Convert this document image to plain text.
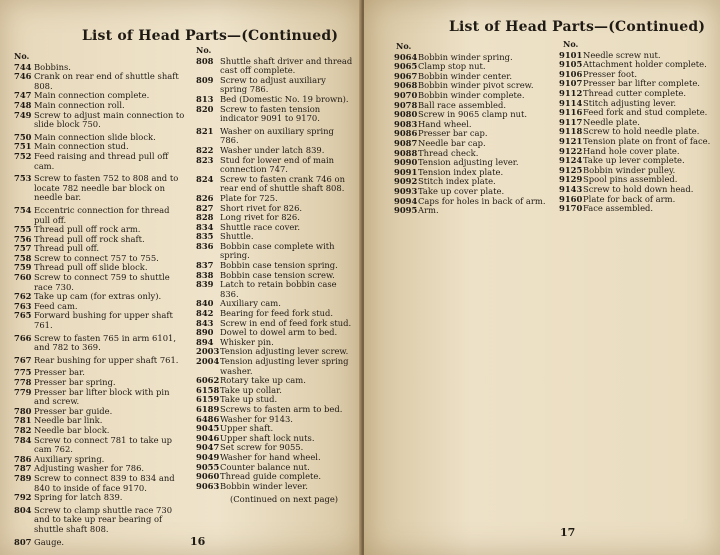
List of Head Parts—(Continued)
No.
744 Bobbins.
746 Crank on rear end of shuttle shaft 808.
747 Main connection complete.
748 Main connection roll.
749 Screw to adjust main connection to slide block 750.
750 Main connection slide block.
751 Main connection stud.
752 Feed raising and thread pull off cam.
753 Screw to fasten 752 to 808 and to locate 782 needle bar block on needle bar.
754 Eccentric connection for thread pull off.
755 Thread pull off rock arm.
756 Thread pull off rock shaft.
757 Thread pull off.
758 Screw to connect 757 to 755.
759 Thread pull off slide block.
760 Screw to connect 759 to shuttle race 730.
762 Take up cam (for extras only).
763 Feed cam.
765 Forward bushing for upper shaft 761.
766 Screw to fasten 765 in arm 6101, and 782 to 369.
767 Rear bushing for upper shaft 761.
775 Presser bar.
778 Presser bar spring.
779 Presser bar lifter block with pin and screw.
780 Presser bar guide.
781 Needle bar link.
782 Needle bar block.
784 Screw to connect 781 to take up cam 762.
786 Auxiliary spring.
787 Adjusting washer for 786.
789 Screw to connect 839 to 834 and 840 to inside of face 9170.
792 Spring for latch 839.
804 Screw to clamp shuttle race 730 and to take up rear bearing of shuttle shaft 808.
807 Gauge.
No.
808 Shuttle shaft driver and thread cast off complete.
809 Screw to adjust auxiliary spring 786.
813 Bed (Domestic No. 19 brown).
820 Screw to fasten tension indicator 9091 to 9170.
821 Washer on auxiliary spring 786.
822 Washer under latch 839.
823 Stud for lower end of main connection 747.
824 Screw to fasten crank 746 on rear end of shuttle shaft 808.
826 Plate for 725.
827 Short rivet for 826.
828 Long rivet for 826.
834 Shuttle race cover.
835 Shuttle.
836 Bobbin case complete with spring.
837 Bobbin case tension spring.
838 Bobbin case tension screw.
839 Latch to retain bobbin case 836.
840 Auxiliary cam.
842 Bearing for feed fork stud.
843 Screw in end of feed fork stud.
890 Dowel to dowel arm to bed.
894 Whisker pin.
2003 Tension adjusting lever screw.
2004 Tension adjusting lever spring washer.
6062 Rotary take up cam.
6158 Take up collar.
6159 Take up stud.
6189 Screws to fasten arm to bed.
6486 Washer for 9143.
9045 Upper shaft.
9046 Upper shaft lock nuts.
9047 Set screw for 9055.
9049 Washer for hand wheel.
9055 Counter balance nut.
9060 Thread guide complete.
9063 Bobbin winder lever.
(Continued on next page)
16
List of Head Parts—(Continued)
No.
9064 Bobbin winder spring.
9065 Clamp stop nut.
9067 Bobbin winder center.
9068 Bobbin winder pivot screw.
9070 Bobbin winder complete.
9078 Ball race assembled.
9080 Screw in 9065 clamp nut.
9083 Hand wheel.
9086 Presser bar cap.
9087 Needle bar cap.
9088 Thread check.
9090 Tension adjusting lever.
9091 Tension index plate.
9092 Stitch index plate.
9093 Take up cover plate.
9094 Caps for holes in back of arm.
9095 Arm.
No.
9101 Needle screw nut.
9105 Attachment holder complete.
9106 Presser foot.
9107 Presser bar lifter complete.
9112 Thread cutter complete.
9114 Stitch adjusting lever.
9116 Feed fork and stud complete.
9117 Needle plate.
9118 Screw to hold needle plate.
9121 Tension plate on front of face.
9122 Hand hole cover plate.
9124 Take up lever complete.
9125 Bobbin winder pulley.
9129 Spool pins assembled.
9143 Screw to hold down head.
9160 Plate for back of arm.
9170 Face assembled.
17
